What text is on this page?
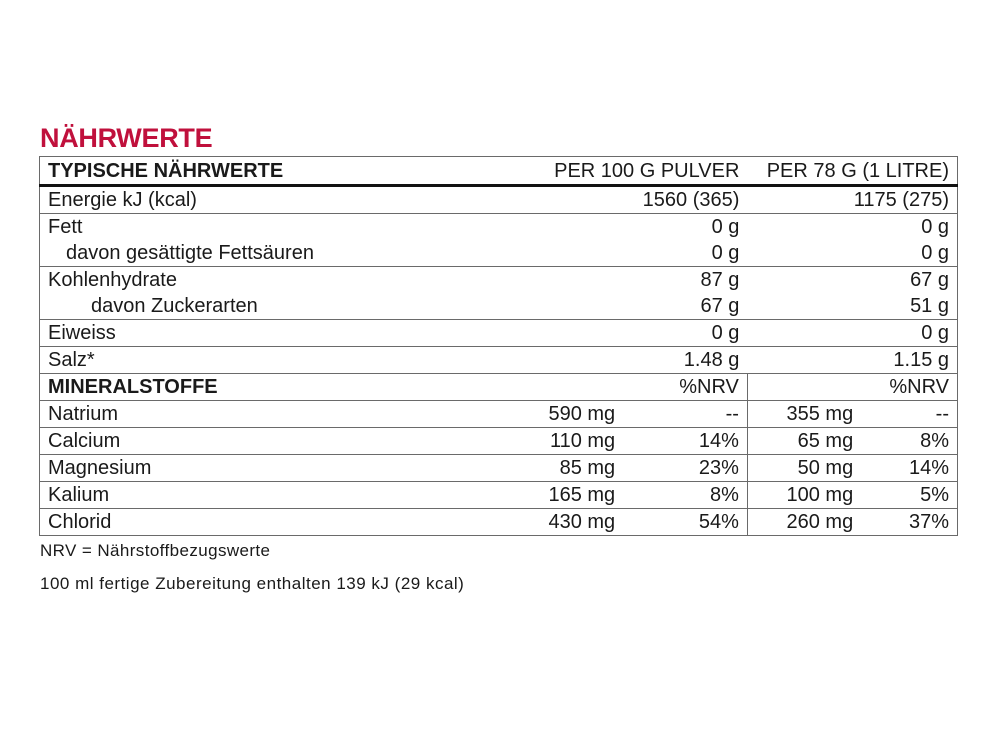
NÄHRWERTE
TYPISCHE NÄHRWERTE	PER 100 G PULVER		PER 78 G (1 LITRE)	
Energie kJ (kcal)	1560 (365)		1175 (275)	
Fett	0 g		0 g	
davon gesättigte Fettsäuren	0 g		0 g	
Kohlenhydrate	87 g		67 g	
davon Zuckerarten	67 g		51 g	
Eiweiss	0 g		0 g	
Salz*	1.48 g		1.15 g	
MINERALSTOFFE		%NRV		%NRV
Natrium	590 mg	--	355 mg	--
Calcium	110 mg	14%	65 mg	8%
Magnesium	85 mg	23%	50 mg	14%
Kalium	165 mg	8%	100 mg	5%
Chlorid	430 mg	54%	260 mg	37%
NRV = Nährstoffbezugswerte
100 ml fertige Zubereitung enthalten 139 kJ (29 kcal)
